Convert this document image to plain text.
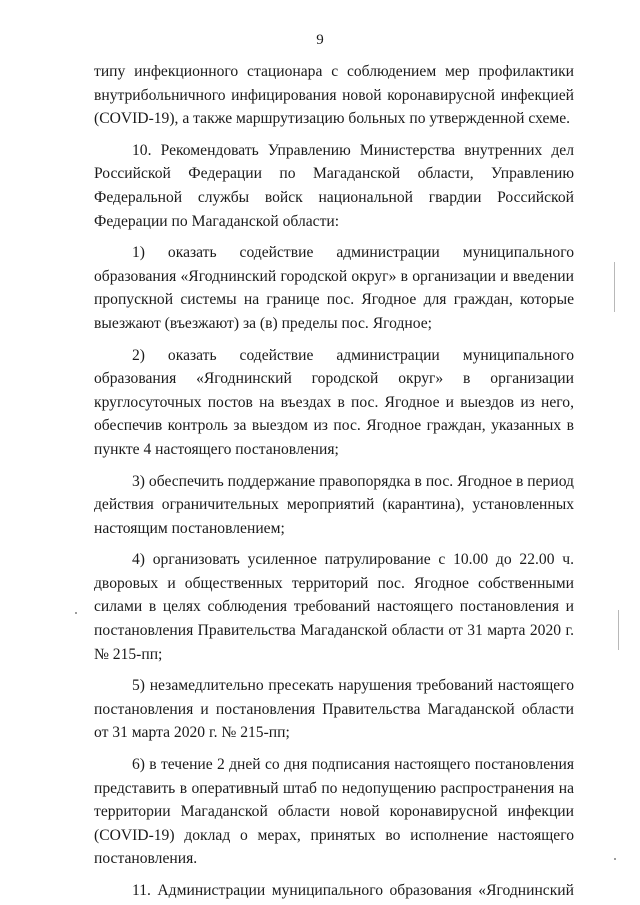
9

типу инфекционного стационара с соблюдением мер профилактики внутрибольничного инфицирования новой коронавирусной инфекцией (COVID-19), а также маршрутизацию больных по утвержденной схеме.

10. Рекомендовать Управлению Министерства внутренних дел Российской Федерации по Магаданской области, Управлению Федеральной службы войск национальной гвардии Российской Федерации по Магаданской области:

1) оказать содействие администрации муниципального образования «Ягоднинский городской округ» в организации и введении пропускной системы на границе пос. Ягодное для граждан, которые выезжают (въезжают) за (в) пределы пос. Ягодное;

2) оказать содействие администрации муниципального образования «Ягоднинский городской округ» в организации круглосуточных постов на въездах в пос. Ягодное и выездов из него, обеспечив контроль за выездом из пос. Ягодное граждан, указанных в пункте 4 настоящего постановления;

3) обеспечить поддержание правопорядка в пос. Ягодное в период действия ограничительных мероприятий (карантина), установленных настоящим постановлением;

4) организовать усиленное патрулирование с 10.00 до 22.00 ч. дворовых и общественных территорий пос. Ягодное собственными силами в целях соблюдения требований настоящего постановления и постановления Правительства Магаданской области от 31 марта 2020 г. № 215-пп;

5) незамедлительно пресекать нарушения требований настоящего постановления и постановления Правительства Магаданской области от 31 марта 2020 г. № 215-пп;

6) в течение 2 дней со дня подписания настоящего постановления представить в оперативный штаб по недопущению распространения на территории Магаданской области новой коронавирусной инфекции (COVID-19) доклад о мерах, принятых во исполнение настоящего постановления.

11. Администрации муниципального образования «Ягоднинский
